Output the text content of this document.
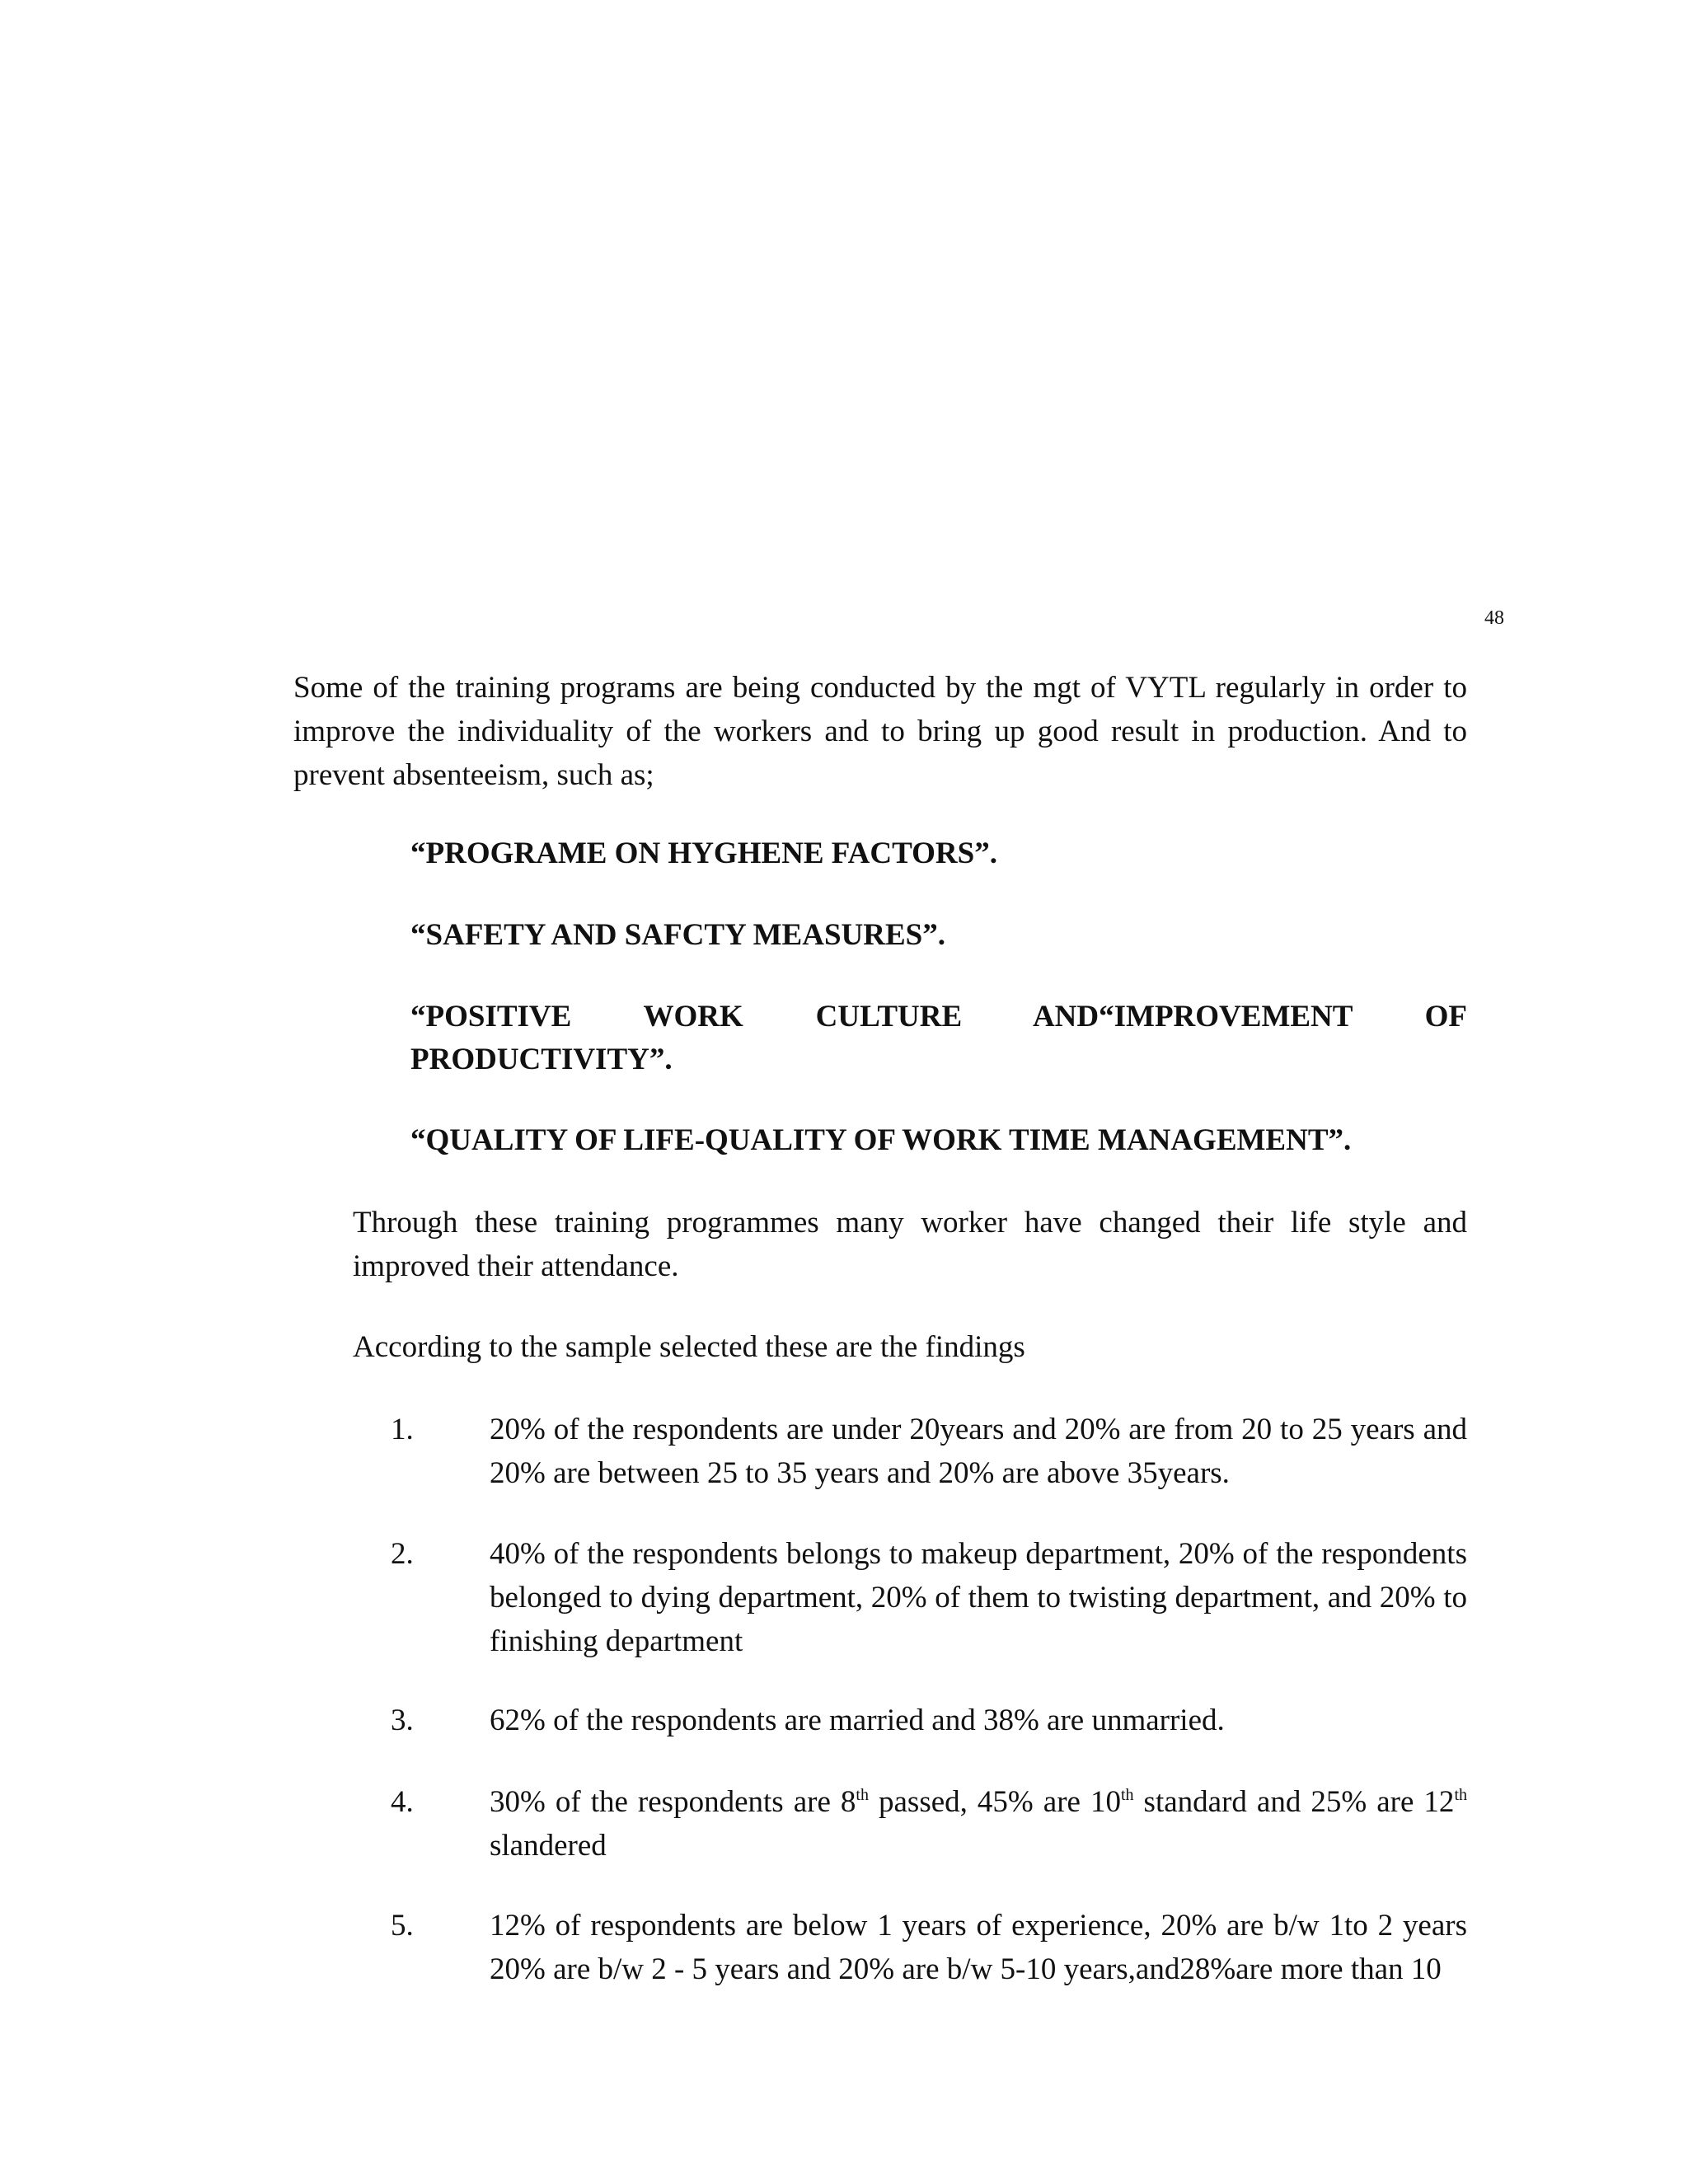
48

Some of the training programs are being conducted by the mgt of VYTL regularly in order to improve the individuality of the workers and to bring up good result in production. And to prevent absenteeism, such as;

“PROGRAME ON HYGHENE FACTORS”.

“SAFETY AND SAFCTY MEASURES”.

“POSITIVE WORK CULTURE AND“IMPROVEMENT OF
PRODUCTIVITY”.

“QUALITY OF LIFE-QUALITY OF WORK TIME MANAGEMENT”.

Through these training programmes many worker have changed their life style and improved their attendance.

According to the sample selected these are the findings

1. 20% of the respondents are under 20years and 20% are from 20 to 25 years and 20% are between 25 to 35 years and 20% are above 35years.
2. 40% of the respondents belongs to makeup department, 20% of the respondents belonged to dying department, 20% of them to twisting department, and 20% to finishing department
3. 62% of the respondents are married and 38% are unmarried.
4. 30% of the respondents are 8th passed, 45% are 10th standard and 25% are 12th slandered
5. 12% of respondents are below 1 years of experience, 20% are b/w 1to 2 years 20% are b/w 2 - 5 years and 20% are b/w 5-10 years,and28%are more than 10
